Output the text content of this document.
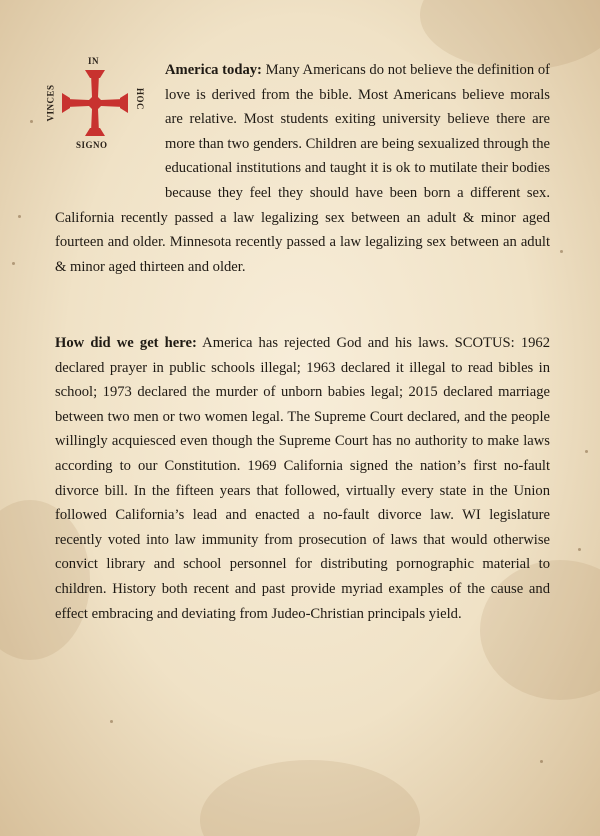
IN
VINCES	HOC
SIGNO

America today: Many Americans do not believe the definition of love is derived from the bible. Most Americans believe morals are relative. Most students exiting university believe there are more than two genders. Children are being sexualized through the educational institutions and taught it is ok to mutilate their bodies because they feel they should have been born a different sex. California recently passed a law legalizing sex between an adult & minor aged fourteen and older. Minnesota recently passed a law legalizing sex between an adult & minor aged thirteen and older.

How did we get here: America has rejected God and his laws. SCOTUS: 1962 declared prayer in public schools illegal; 1963 declared it illegal to read bibles in school; 1973 declared the murder of unborn babies legal; 2015 declared marriage between two men or two women legal. The Supreme Court declared, and the people willingly acquiesced even though the Supreme Court has no authority to make laws according to our Constitution. 1969 California signed the nation’s first no-fault divorce bill. In the fifteen years that followed, virtually every state in the Union followed California’s lead and enacted a no-fault divorce law. WI legislature recently voted into law immunity from prosecution of laws that would otherwise convict library and school personnel for distributing pornographic material to children. History both recent and past provide myriad examples of the cause and effect embracing and deviating from Judeo-Christian principals yield.
